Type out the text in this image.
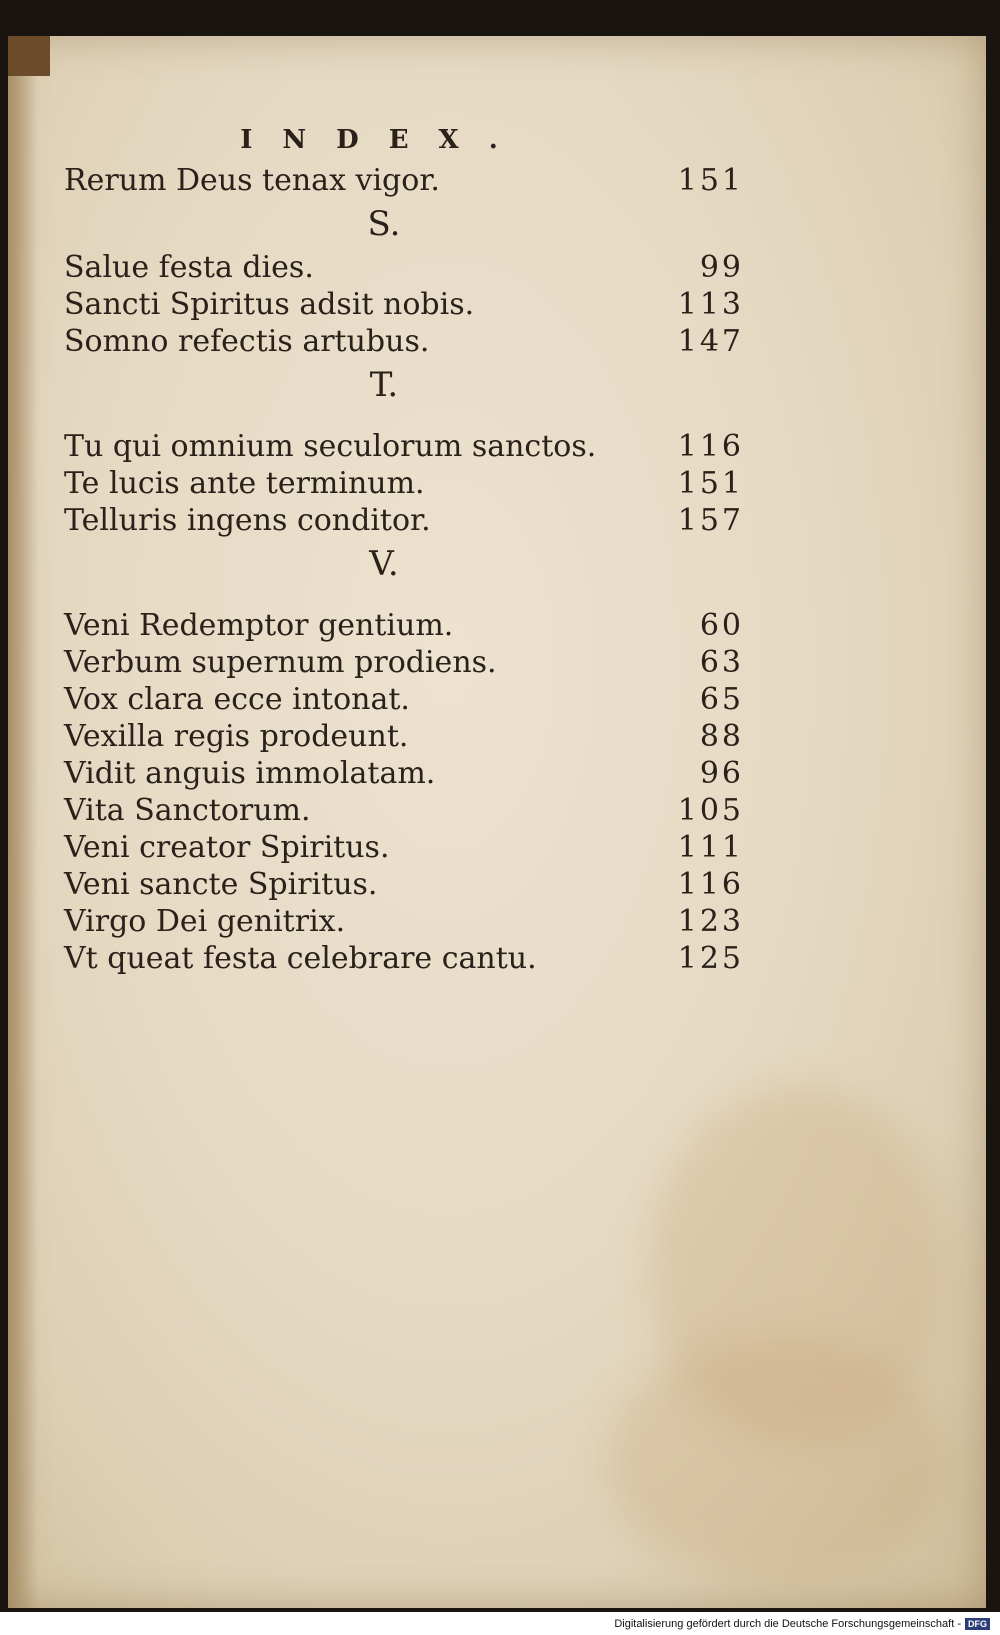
INDEX.
Rerum Deus tenax vigor.	151
S.
Salue festa dies.	99
Sancti Spiritus adsit nobis.	113
Somno refectis artubus.	147
T.
Tu qui omnium seculorum sanctos.	116
Te lucis ante terminum.	151
Telluris ingens conditor.	157
V.
Veni Redemptor gentium.	60
Verbum supernum prodiens.	63
Vox clara ecce intonat.	65
Vexilla regis prodeunt.	88
Vidit anguis immolatam.	96
Vita Sanctorum.	105
Veni creator Spiritus.	111
Veni sancte Spiritus.	116
Virgo Dei genitrix.	123
Vt queat festa celebrare cantu.	125
Digitalisierung gefördert durch die Deutsche Forschungsgemeinschaft - DFG
